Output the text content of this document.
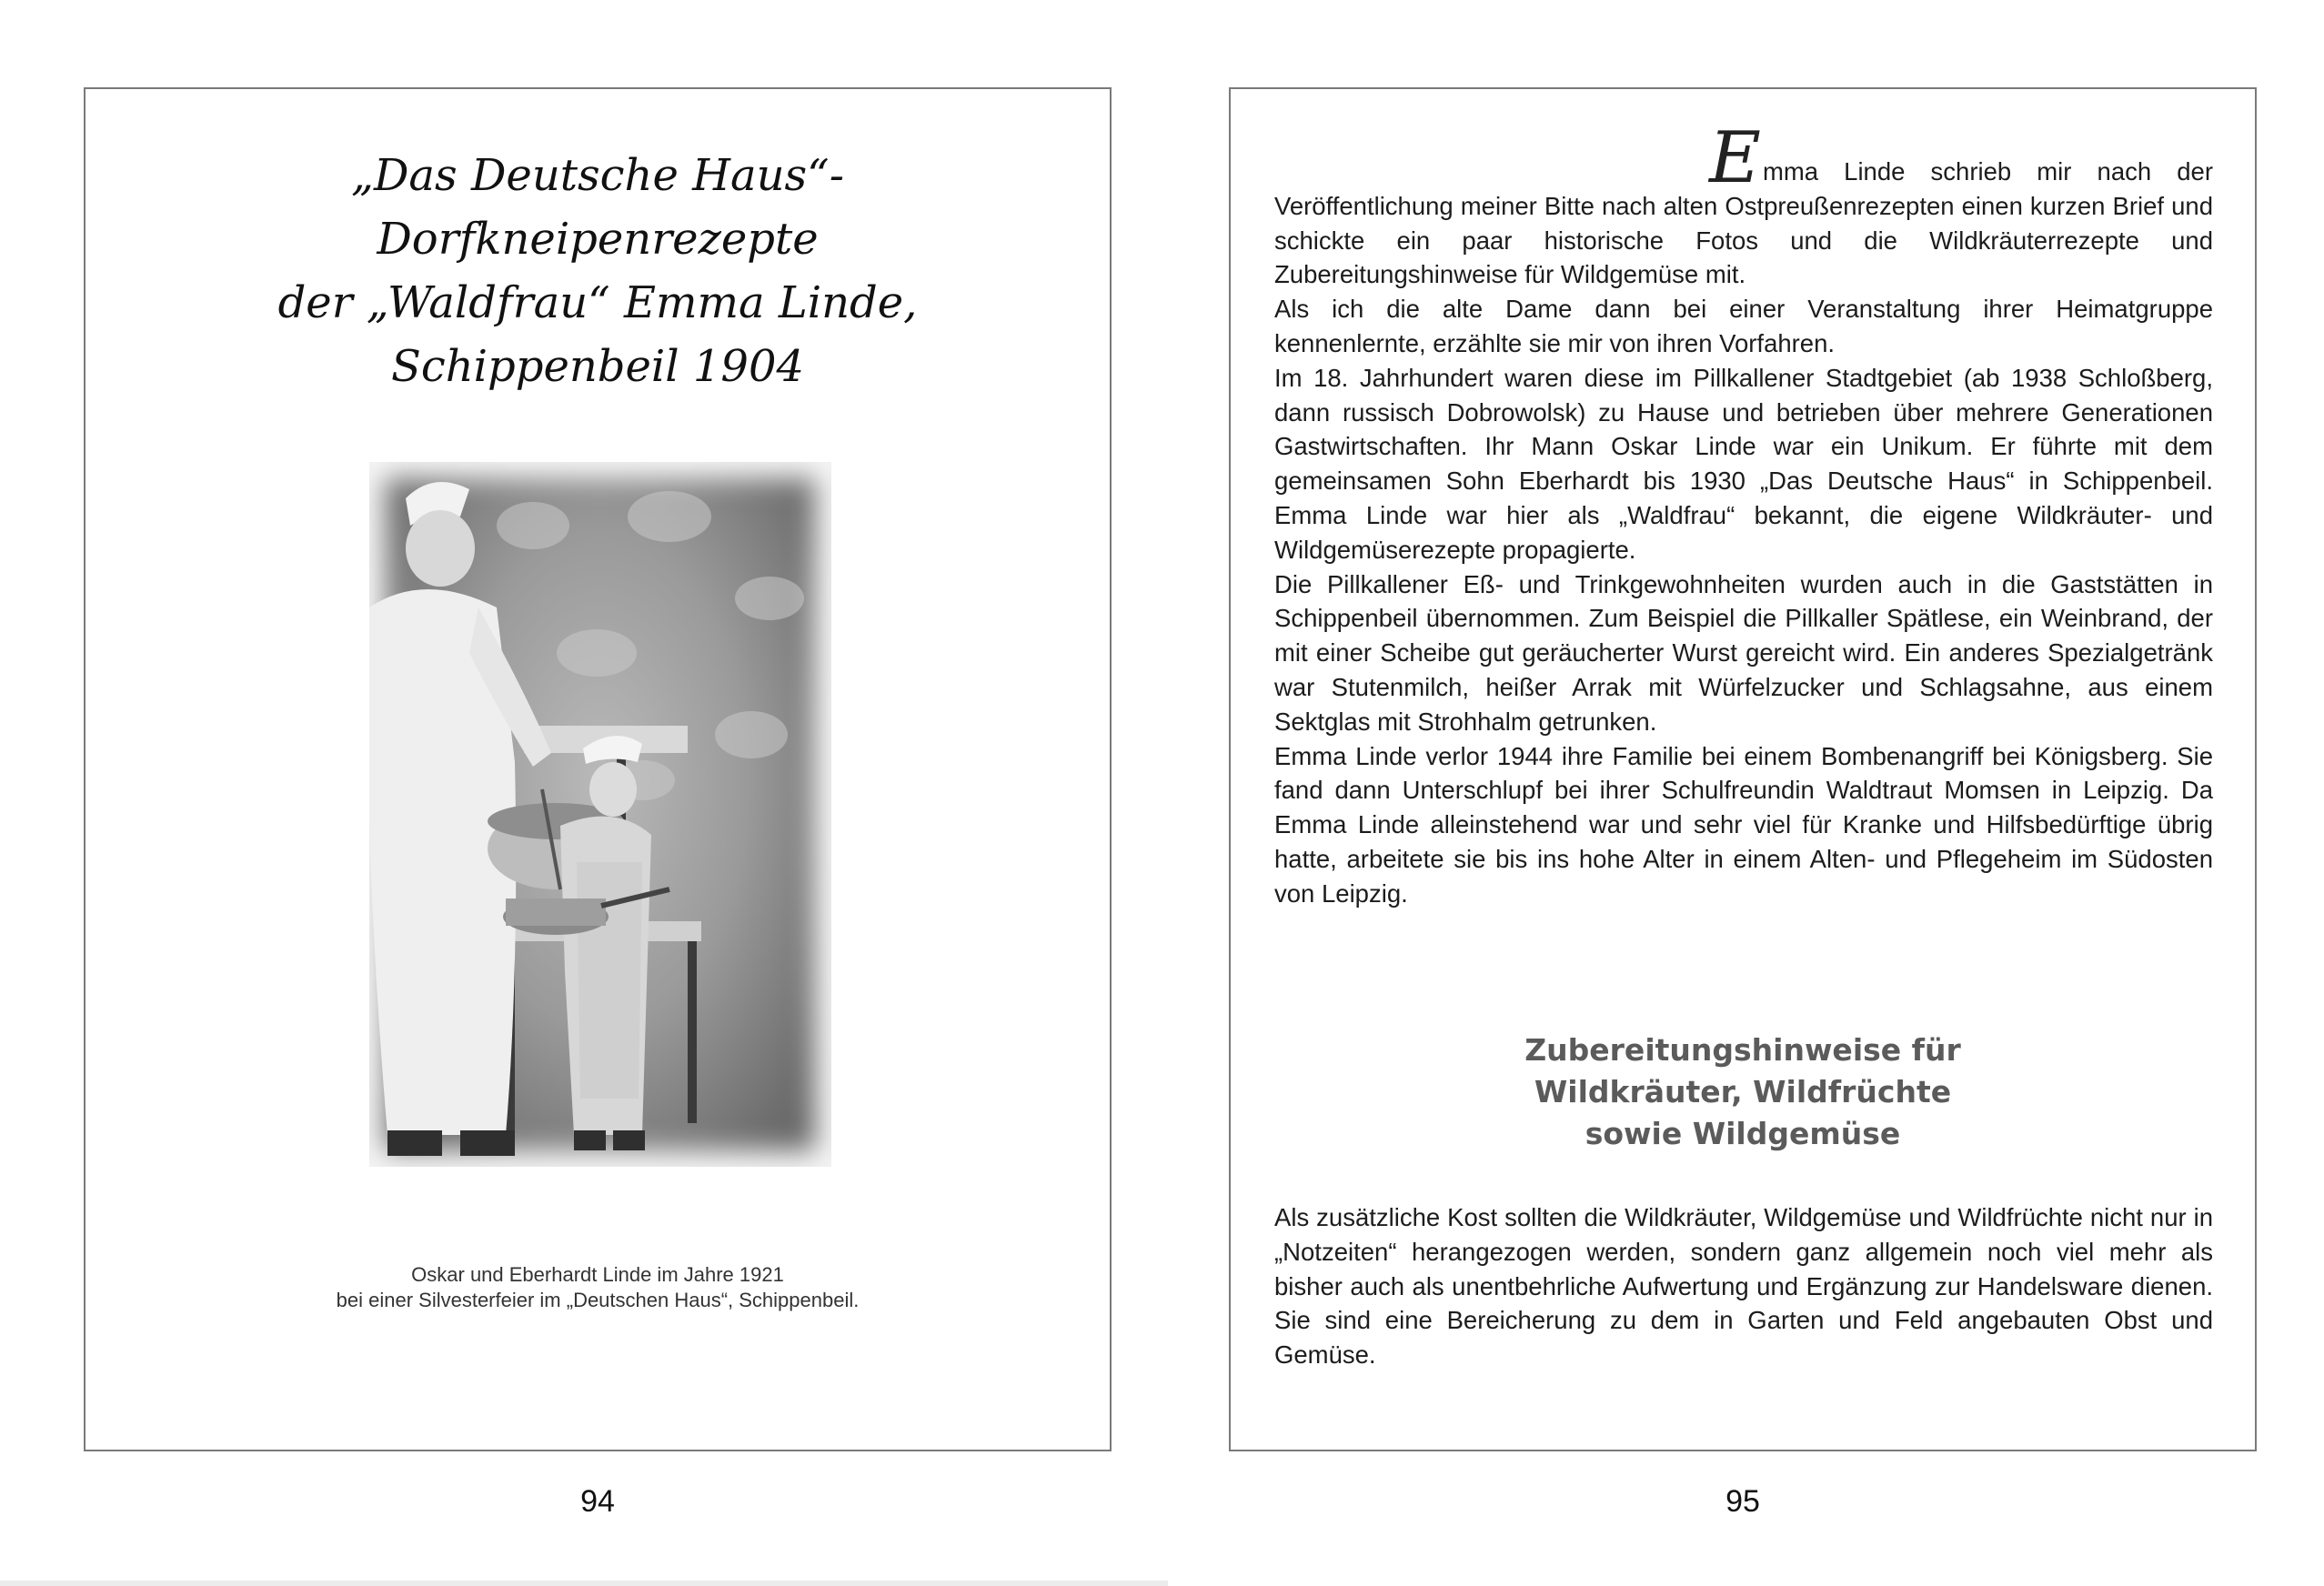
„Das Deutsche Haus“-
Dorfkneipenrezepte
der „Waldfrau“ Emma Linde,
Schippenbeil 1904
Oskar und Eberhardt Linde im Jahre 1921
bei einer Silvesterfeier im „Deutschen Haus“, Schippenbeil.
94

Emma Linde schrieb mir nach der Veröffentlichung meiner Bitte nach alten Ostpreußenrezepten einen kurzen Brief und schickte ein paar historische Fotos und die Wildkräuterrezepte und Zubereitungshinweise für Wildgemüse mit.

Als ich die alte Dame dann bei einer Veranstaltung ihrer Heimatgruppe kennenlernte, erzählte sie mir von ihren Vorfahren.

Im 18. Jahrhundert waren diese im Pillkallener Stadtgebiet (ab 1938 Schloßberg, dann russisch Dobrowolsk) zu Hause und betrieben über mehrere Generationen Gastwirtschaften. Ihr Mann Oskar Linde war ein Unikum. Er führte mit dem gemeinsamen Sohn Eberhardt bis 1930 „Das Deutsche Haus“ in Schippenbeil. Emma Linde war hier als „Waldfrau“ bekannt, die eigene Wildkräuter- und Wildgemüserezepte propagierte.

Die Pillkallener Eß- und Trinkgewohnheiten wurden auch in die Gaststätten in Schippenbeil übernommen. Zum Beispiel die Pillkaller Spätlese, ein Weinbrand, der mit einer Scheibe gut geräucherter Wurst gereicht wird. Ein anderes Spezialgetränk war Stutenmilch, heißer Arrak mit Würfelzucker und Schlagsahne, aus einem Sektglas mit Strohhalm getrunken.

Emma Linde verlor 1944 ihre Familie bei einem Bombenangriff bei Königsberg. Sie fand dann Unterschlupf bei ihrer Schulfreundin Waldtraut Momsen in Leipzig. Da Emma Linde alleinstehend war und sehr viel für Kranke und Hilfsbedürftige übrig hatte, arbeitete sie bis ins hohe Alter in einem Alten- und Pflegeheim im Südosten von Leipzig.

Zubereitungshinweise für
Wildkräuter, Wildfrüchte
sowie Wildgemüse

Als zusätzliche Kost sollten die Wildkräuter, Wildgemüse und Wildfrüchte nicht nur in „Notzeiten“ herangezogen werden, sondern ganz allgemein noch viel mehr als bisher auch als unentbehrliche Aufwertung und Ergänzung zur Handelsware dienen. Sie sind eine Bereicherung zu dem in Garten und Feld angebauten Obst und Gemüse.

95
